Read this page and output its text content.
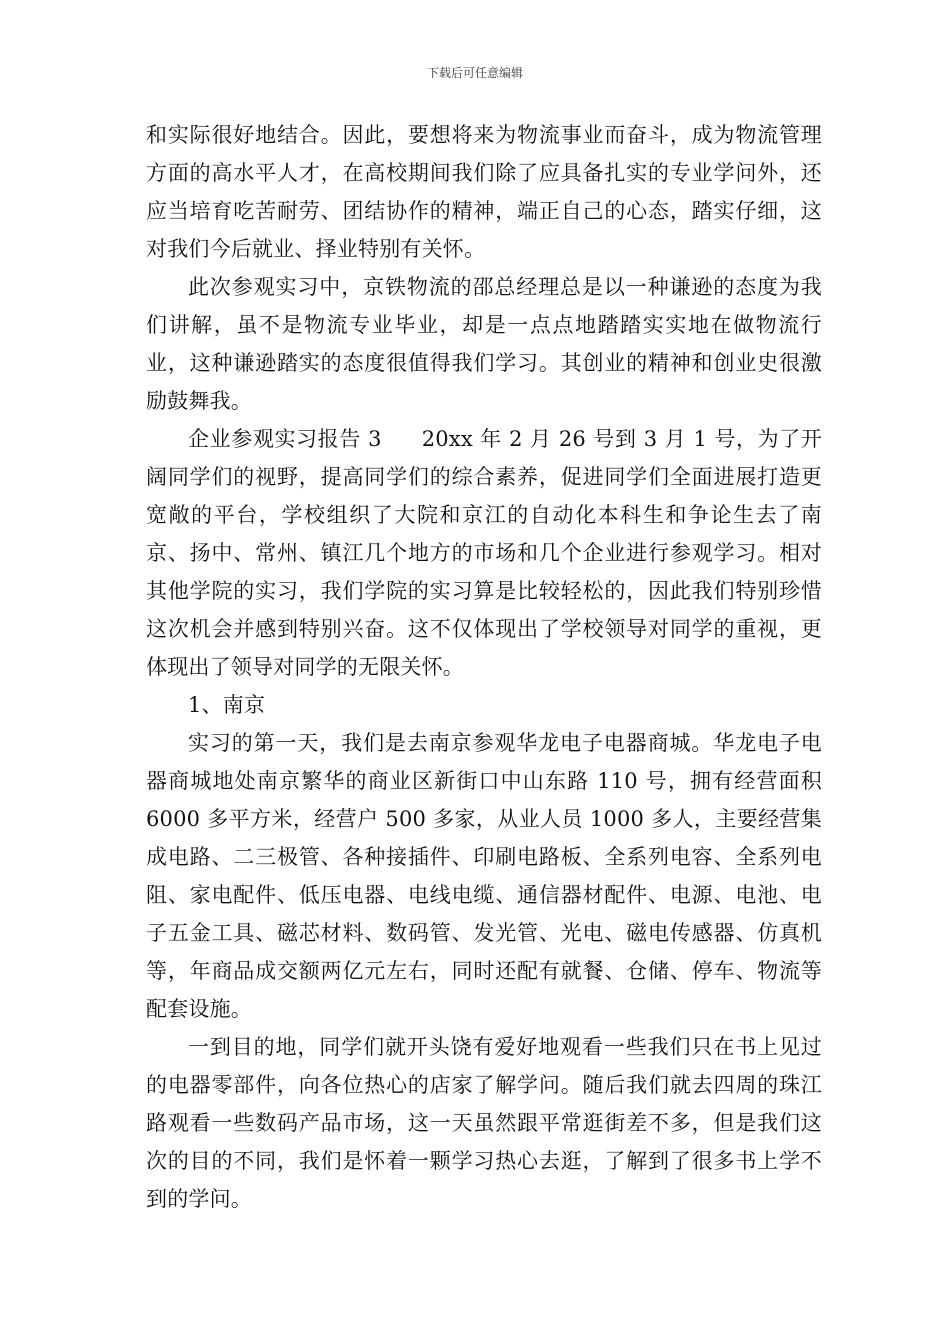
下载后可任意编辑

和实际很好地结合。因此，要想将来为物流事业而奋斗，成为物流管理方面的高水平人才，在高校期间我们除了应具备扎实的专业学问外，还应当培育吃苦耐劳、团结协作的精神，端正自己的心态，踏实仔细，这对我们今后就业、择业特别有关怀。

此次参观实习中，京铁物流的邵总经理总是以一种谦逊的态度为我们讲解，虽不是物流专业毕业，却是一点点地踏踏实实地在做物流行业，这种谦逊踏实的态度很值得我们学习。其创业的精神和创业史很激励鼓舞我。

企业参观实习报告 3 20xx 年 2 月 26 号到 3 月 1 号，为了开阔同学们的视野，提高同学们的综合素养，促进同学们全面进展打造更宽敞的平台，学校组织了大院和京江的自动化本科生和争论生去了南京、扬中、常州、镇江几个地方的市场和几个企业进行参观学习。相对其他学院的实习，我们学院的实习算是比较轻松的，因此我们特别珍惜这次机会并感到特别兴奋。这不仅体现出了学校领导对同学的重视，更体现出了领导对同学的无限关怀。

1、南京

实习的第一天，我们是去南京参观华龙电子电器商城。华龙电子电器商城地处南京繁华的商业区新街口中山东路 110 号，拥有经营面积 6000 多平方米，经营户 500 多家，从业人员 1000 多人，主要经营集成电路、二三极管、各种接插件、印刷电路板、全系列电容、全系列电阻、家电配件、低压电器、电线电缆、通信器材配件、电源、电池、电子五金工具、磁芯材料、数码管、发光管、光电、磁电传感器、仿真机等，年商品成交额两亿元左右，同时还配有就餐、仓储、停车、物流等配套设施。

一到目的地，同学们就开头饶有爱好地观看一些我们只在书上见过的电器零部件，向各位热心的店家了解学问。随后我们就去四周的珠江路观看一些数码产品市场，这一天虽然跟平常逛街差不多，但是我们这次的目的不同，我们是怀着一颗学习热心去逛，了解到了很多书上学不到的学问。
